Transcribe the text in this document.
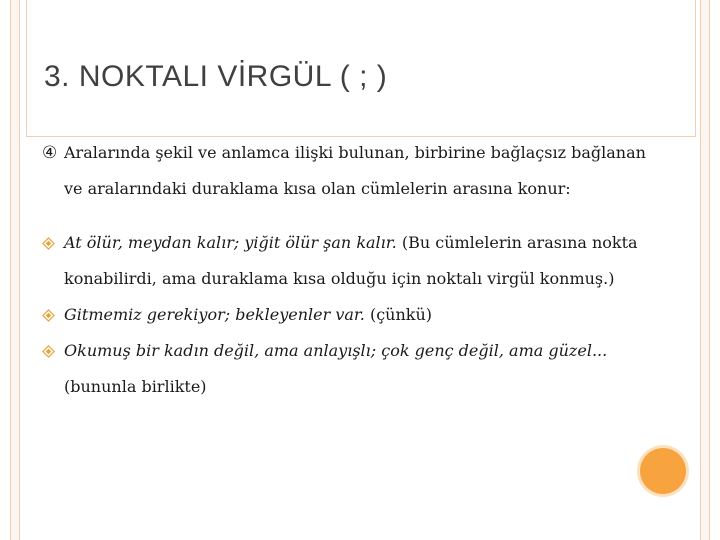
3. NOKTALI VİRGÜL ( ; )

④ Aralarında şekil ve anlamca ilişki bulunan, birbirine bağlaçsız bağlanan ve aralarındaki duraklama kısa olan cümlelerin arasına konur:

At ölür, meydan kalır; yiğit ölür şan kalır. (Bu cümlelerin arasına nokta konabilirdi, ama duraklama kısa olduğu için noktalı virgül konmuş.)

Gitmemiz gerekiyor; bekleyenler var. (çünkü)

Okumuş bir kadın değil, ama anlayışlı; çok genç değil, ama güzel... (bununla birlikte)
